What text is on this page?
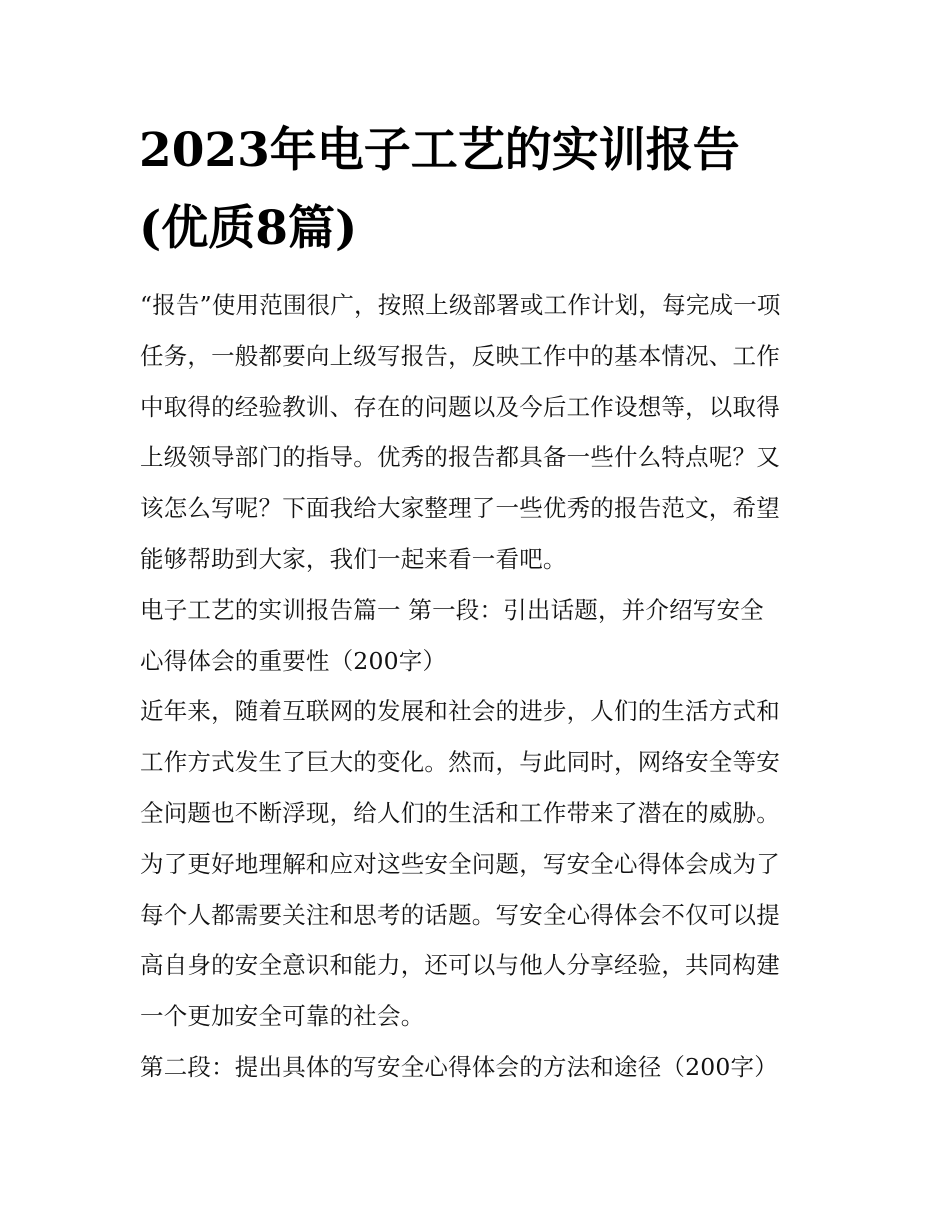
2023年电子工艺的实训报告
(优质8篇)
“报告”使用范围很广，按照上级部署或工作计划，每完成一项
任务，一般都要向上级写报告，反映工作中的基本情况、工作
中取得的经验教训、存在的问题以及今后工作设想等，以取得
上级领导部门的指导。优秀的报告都具备一些什么特点呢？又
该怎么写呢？下面我给大家整理了一些优秀的报告范文，希望
能够帮助到大家，我们一起来看一看吧。
电子工艺的实训报告篇一 第一段：引出话题，并介绍写安全
心得体会的重要性（200字）
近年来，随着互联网的发展和社会的进步，人们的生活方式和
工作方式发生了巨大的变化。然而，与此同时，网络安全等安
全问题也不断浮现，给人们的生活和工作带来了潜在的威胁。
为了更好地理解和应对这些安全问题，写安全心得体会成为了
每个人都需要关注和思考的话题。写安全心得体会不仅可以提
高自身的安全意识和能力，还可以与他人分享经验，共同构建
一个更加安全可靠的社会。
第二段：提出具体的写安全心得体会的方法和途径（200字）
